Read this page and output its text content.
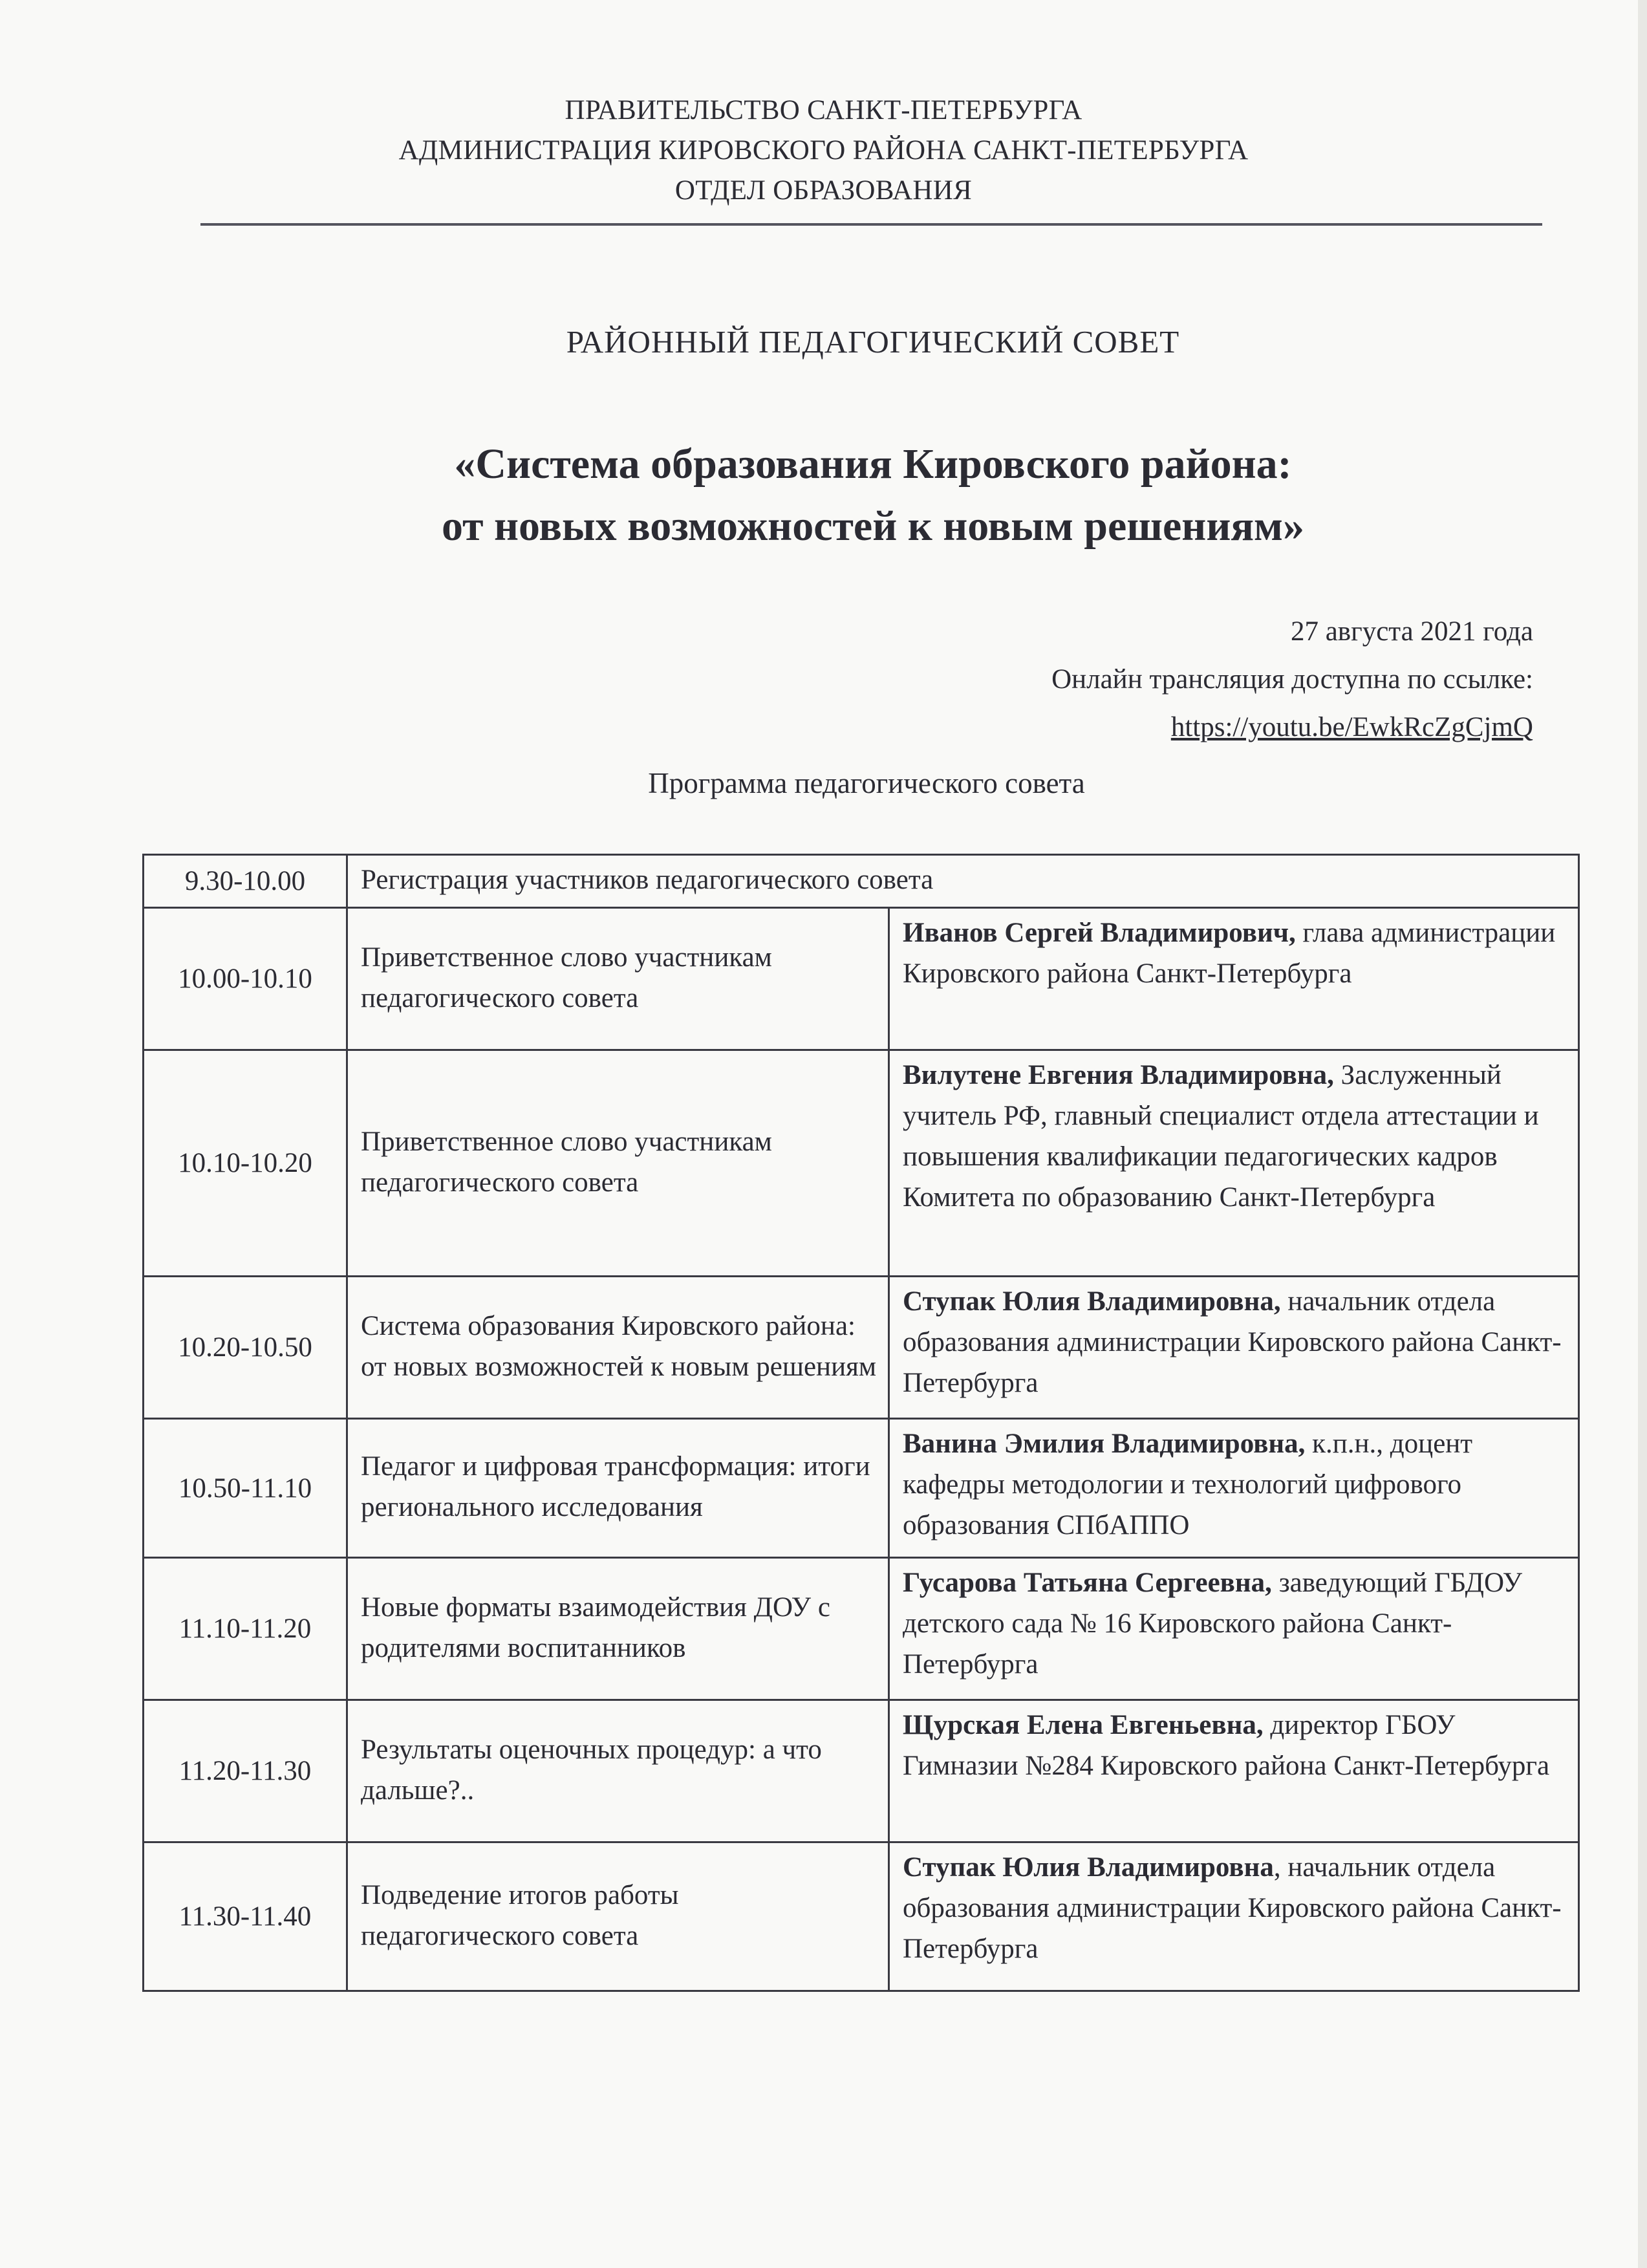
ПРАВИТЕЛЬСТВО САНКТ-ПЕТЕРБУРГА
АДМИНИСТРАЦИЯ КИРОВСКОГО РАЙОНА САНКТ-ПЕТЕРБУРГА
ОТДЕЛ ОБРАЗОВАНИЯ
РАЙОННЫЙ ПЕДАГОГИЧЕСКИЙ СОВЕТ
«Система образования Кировского района:
от новых возможностей к новым решениям»
27 августа 2021 года
Онлайн трансляция доступна по ссылке:
https://youtu.be/EwkRcZgCjmQ
Программа педагогического совета
9.30-10.00	Регистрация участников педагогического совета	
10.00-10.10	Приветственное слово участникам педагогического совета	Иванов Сергей Владимирович, глава администрации Кировского района Санкт-Петербурга
10.10-10.20	Приветственное слово участникам педагогического совета	Вилутене Евгения Владимировна, Заслуженный учитель РФ, главный специалист отдела аттестации и повышения квалификации педагогических кадров Комитета по образованию Санкт-Петербурга
10.20-10.50	Система образования Кировского района: от новых возможностей к новым решениям	Ступак Юлия Владимировна, начальник отдела образования администрации Кировского района Санкт-Петербурга
10.50-11.10	Педагог и цифровая трансформация: итоги регионального исследования	Ванина Эмилия Владимировна, к.п.н., доцент кафедры методологии и технологий цифрового образования СПбАППО
11.10-11.20	Новые форматы взаимодействия ДОУ с родителями воспитанников	Гусарова Татьяна Сергеевна, заведующий ГБДОУ детского сада № 16 Кировского района Санкт-Петербурга
11.20-11.30	Результаты оценочных процедур: а что дальше?..	Щурская Елена Евгеньевна, директор ГБОУ Гимназии №284 Кировского района Санкт-Петербурга
11.30-11.40	Подведение итогов работы педагогического совета	Ступак Юлия Владимировна, начальник отдела образования администрации Кировского района Санкт-Петербурга
